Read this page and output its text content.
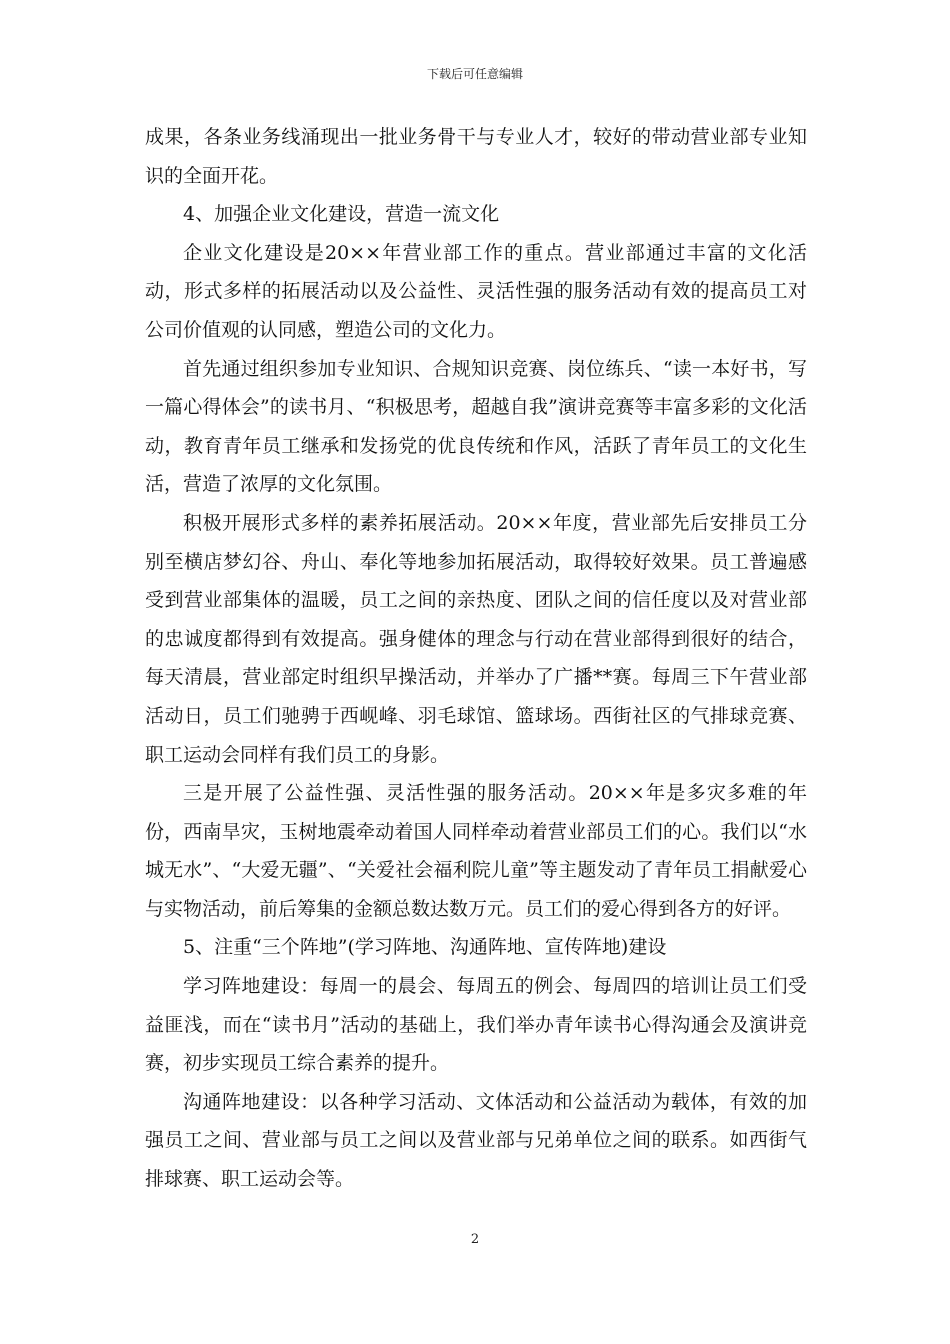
下载后可任意编辑

成果，各条业务线涌现出一批业务骨干与专业人才，较好的带动营业部专业知识的全面开花。

4、加强企业文化建设，营造一流文化

企业文化建设是20××年营业部工作的重点。营业部通过丰富的文化活动，形式多样的拓展活动以及公益性、灵活性强的服务活动有效的提高员工对公司价值观的认同感，塑造公司的文化力。

首先通过组织参加专业知识、合规知识竞赛、岗位练兵、“读一本好书，写一篇心得体会”的读书月、“积极思考，超越自我”演讲竞赛等丰富多彩的文化活动，教育青年员工继承和发扬党的优良传统和作风，活跃了青年员工的文化生活，营造了浓厚的文化氛围。

积极开展形式多样的素养拓展活动。20××年度，营业部先后安排员工分别至横店梦幻谷、舟山、奉化等地参加拓展活动，取得较好效果。员工普遍感受到营业部集体的温暖，员工之间的亲热度、团队之间的信任度以及对营业部的忠诚度都得到有效提高。强身健体的理念与行动在营业部得到很好的结合，每天清晨，营业部定时组织早操活动，并举办了广播**赛。每周三下午营业部活动日，员工们驰骋于西岘峰、羽毛球馆、篮球场。西街社区的气排球竞赛、职工运动会同样有我们员工的身影。

三是开展了公益性强、灵活性强的服务活动。20××年是多灾多难的年份，西南旱灾，玉树地震牵动着国人同样牵动着营业部员工们的心。我们以“水城无水”、“大爱无疆”、“关爱社会福利院儿童”等主题发动了青年员工捐献爱心与实物活动，前后筹集的金额总数达数万元。员工们的爱心得到各方的好评。

5、注重“三个阵地”(学习阵地、沟通阵地、宣传阵地)建设

学习阵地建设：每周一的晨会、每周五的例会、每周四的培训让员工们受益匪浅，而在“读书月”活动的基础上，我们举办青年读书心得沟通会及演讲竞赛，初步实现员工综合素养的提升。

沟通阵地建设：以各种学习活动、文体活动和公益活动为载体，有效的加强员工之间、营业部与员工之间以及营业部与兄弟单位之间的联系。如西街气排球赛、职工运动会等。

2
